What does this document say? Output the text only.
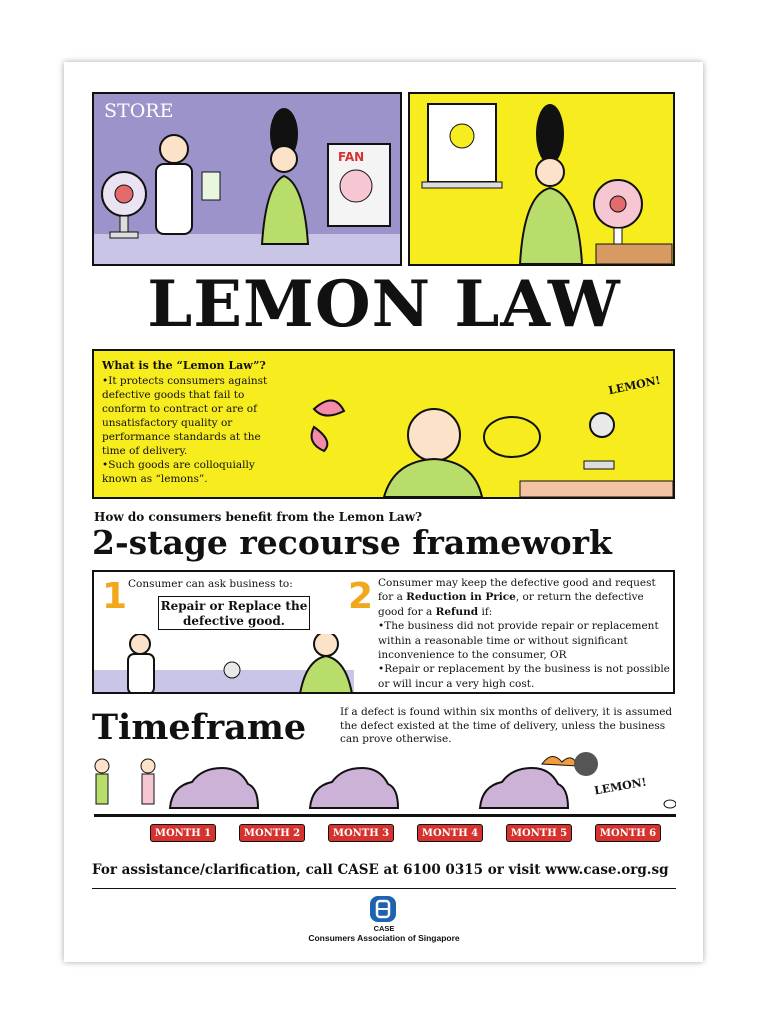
STORE
FAN
LEMON LAW
What is the “Lemon Law”?

•It protects consumers against defective goods that fail to conform to contract or are of unsatisfactory quality or performance standards at the time of delivery.

•Such goods are colloquially known as “lemons”.

LEMON!
How do consumers benefit from the Lemon Law?
2-stage recourse framework
1 Consumer can ask business to:
Repair or Replace the defective good.
2 Consumer may keep the defective good and request for a Reduction in Price, or return the defective good for a Refund if:

•The business did not provide repair or replacement within a reasonable time or without significant inconvenience to the consumer, OR

•Repair or replacement by the business is not possible or will incur a very high cost.

Timeframe	If a defect is found within six months of delivery, it is assumed the defect existed at the time of delivery, unless the business can prove otherwise.
LEMON!
MONTH 1	MONTH 2	MONTH 3	MONTH 4	MONTH 5	MONTH 6
For assistance/clarification, call CASE at 6100 0315 or visit www.case.org.sg
CASE
Consumers Association of Singapore
